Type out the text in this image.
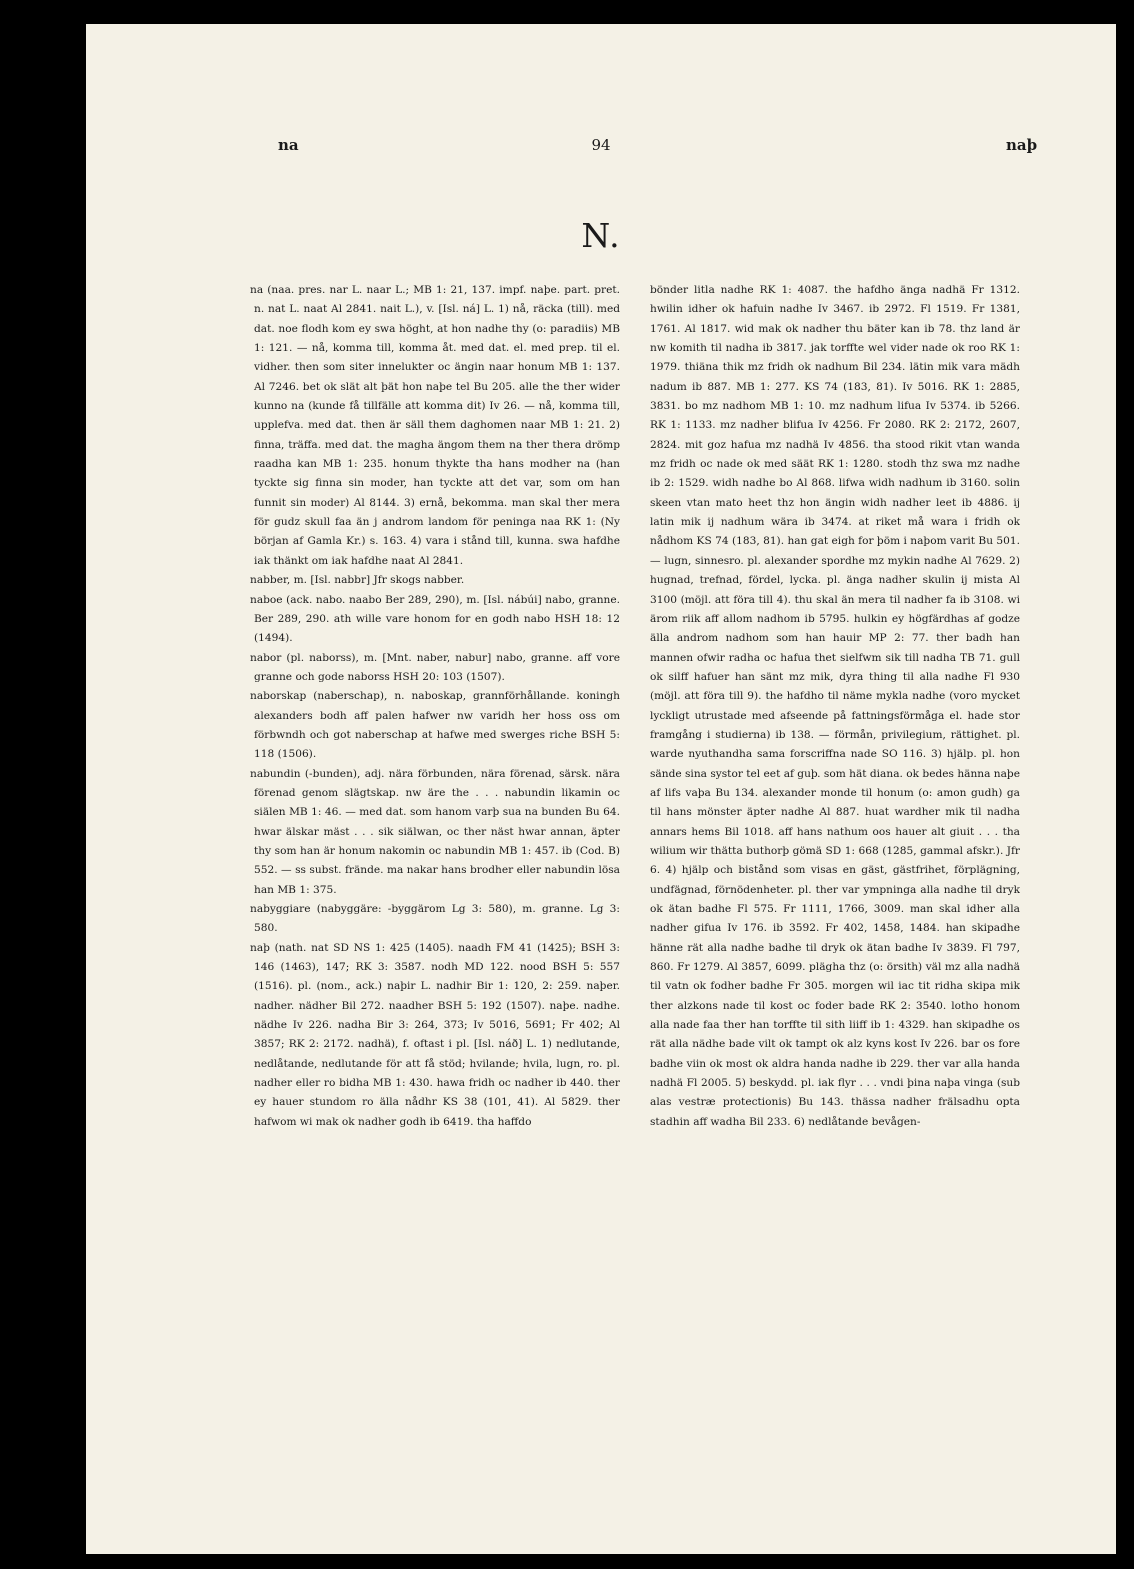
na	94	naþ
N.

na (naa. pres. nar L. naar L.; MB 1: 21, 137. impf. naþe. part. pret. n. nat L. naat Al 2841. nait L.), v. [Isl. ná] L. 1) nå, räcka (till). med dat. noe flodh kom ey swa höght, at hon nadhe thy (o: paradiis) MB 1: 121. — nå, komma till, komma åt. med dat. el. med prep. til el. vidher. then som siter innelukter oc ängin naar honum MB 1: 137. Al 7246. bet ok slät alt þät hon naþe tel Bu 205. alle the ther wider kunno na (kunde få tillfälle att komma dit) Iv 26. — nå, komma till, upplefva. med dat. then är säll them daghomen naar MB 1: 21. 2) finna, träffa. med dat. the magha ängom them na ther thera drömp raadha kan MB 1: 235. honum thykte tha hans modher na (han tyckte sig finna sin moder, han tyckte att det var, som om han funnit sin moder) Al 8144. 3) ernå, bekomma. man skal ther mera för gudz skull faa än j androm landom för peninga naa RK 1: (Ny början af Gamla Kr.) s. 163. 4) vara i stånd till, kunna. swa hafdhe iak thänkt om iak hafdhe naat Al 2841.

nabber, m. [Isl. nabbr] Jfr skogs nabber.

naboe (ack. nabo. naabo Ber 289, 290), m. [Isl. nábúi] nabo, granne. Ber 289, 290. ath wille vare honom for en godh nabo HSH 18: 12 (1494).

nabor (pl. naborss), m. [Mnt. naber, nabur] nabo, granne. aff vore granne och gode naborss HSH 20: 103 (1507).

naborskap (naberschap), n. naboskap, grannförhållande. koningh alexanders bodh aff palen hafwer nw varidh her hoss oss om förbwndh och got naberschap at hafwe med swerges riche BSH 5: 118 (1506).

nabundin (-bunden), adj. nära förbunden, nära förenad, särsk. nära förenad genom slägtskap. nw äre the . . . nabundin likamin oc siälen MB 1: 46. — med dat. som hanom varþ sua na bunden Bu 64. hwar älskar mäst . . . sik siälwan, oc ther näst hwar annan, äpter thy som han är honum nakomin oc nabundin MB 1: 457. ib (Cod. B) 552. — ss subst. frände. ma nakar hans brodher eller nabundin lösa han MB 1: 375.

nabyggiare (nabyggäre: -byggärom Lg 3: 580), m. granne. Lg 3: 580.

naþ (nath. nat SD NS 1: 425 (1405). naadh FM 41 (1425); BSH 3: 146 (1463), 147; RK 3: 3587. nodh MD 122. nood BSH 5: 557 (1516). pl. (nom., ack.) naþir L. nadhir Bir 1: 120, 2: 259. naþer. nadher. nädher Bil 272. naadher BSH 5: 192 (1507). naþe. nadhe. nädhe Iv 226. nadha Bir 3: 264, 373; Iv 5016, 5691; Fr 402; Al 3857; RK 2: 2172. nadhä), f. oftast i pl. [Isl. náð] L. 1) nedlutande, nedlåtande, nedlutande för att få stöd; hvilande; hvila, lugn, ro. pl. nadher eller ro bidha MB 1: 430. hawa fridh oc nadher ib 440. ther ey hauer stundom ro älla nådhr KS 38 (101, 41). Al 5829. ther hafwom wi mak ok nadher godh ib 6419. tha haffdo

bönder litla nadhe RK 1: 4087. the hafdho änga nadhä Fr 1312. hwilin idher ok hafuin nadhe Iv 3467. ib 2972. Fl 1519. Fr 1381, 1761. Al 1817. wid mak ok nadher thu bäter kan ib 78. thz land är nw komith til nadha ib 3817. jak torffte wel vider nade ok roo RK 1: 1979. thiäna thik mz fridh ok nadhum Bil 234. lätin mik vara mädh nadum ib 887. MB 1: 277. KS 74 (183, 81). Iv 5016. RK 1: 2885, 3831. bo mz nadhom MB 1: 10. mz nadhum lifua Iv 5374. ib 5266. RK 1: 1133. mz nadher blifua Iv 4256. Fr 2080. RK 2: 2172, 2607, 2824. mit goz hafua mz nadhä Iv 4856. tha stood rikit vtan wanda mz fridh oc nade ok med säät RK 1: 1280. stodh thz swa mz nadhe ib 2: 1529. widh nadhe bo Al 868. lifwa widh nadhum ib 3160. solin skeen vtan mato heet thz hon ängin widh nadher leet ib 4886. ij latin mik ij nadhum wära ib 3474. at riket må wara i fridh ok nådhom KS 74 (183, 81). han gat eigh for þöm i naþom varit Bu 501. — lugn, sinnesro. pl. alexander spordhe mz mykin nadhe Al 7629. 2) hugnad, trefnad, fördel, lycka. pl. änga nadher skulin ij mista Al 3100 (möjl. att föra till 4). thu skal än mera til nadher fa ib 3108. wi ärom riik aff allom nadhom ib 5795. hulkin ey högfärdhas af godze älla androm nadhom som han hauir MP 2: 77. ther badh han mannen ofwir radha oc hafua thet sielfwm sik till nadha TB 71. gull ok silff hafuer han sänt mz mik, dyra thing til alla nadhe Fl 930 (möjl. att föra till 9). the hafdho til näme mykla nadhe (voro mycket lyckligt utrustade med afseende på fattningsförmåga el. hade stor framgång i studierna) ib 138. — förmån, privilegium, rättighet. pl. warde nyuthandha sama forscriffna nade SO 116. 3) hjälp. pl. hon sände sina systor tel eet af guþ. som hät diana. ok bedes hänna naþe af lifs vaþa Bu 134. alexander monde til honum (o: amon gudh) ga til hans mönster äpter nadhe Al 887. huat wardher mik til nadha annars hems Bil 1018. aff hans nathum oos hauer alt giuit . . . tha wilium wir thätta buthorþ gömä SD 1: 668 (1285, gammal afskr.). Jfr 6. 4) hjälp och bistånd som visas en gäst, gästfrihet, förplägning, undfägnad, förnödenheter. pl. ther var ympninga alla nadhe til dryk ok ätan badhe Fl 575. Fr 1111, 1766, 3009. man skal idher alla nadher gifua Iv 176. ib 3592. Fr 402, 1458, 1484. han skipadhe hänne rät alla nadhe badhe til dryk ok ätan badhe Iv 3839. Fl 797, 860. Fr 1279. Al 3857, 6099. plägha thz (o: örsith) väl mz alla nadhä til vatn ok fodher badhe Fr 305. morgen wil iac tit ridha skipa mik ther alzkons nade til kost oc foder bade RK 2: 3540. lotho honom alla nade faa ther han torffte til sith liiff ib 1: 4329. han skipadhe os rät alla nädhe bade vilt ok tampt ok alz kyns kost Iv 226. bar os fore badhe viin ok most ok aldra handa nadhe ib 229. ther var alla handa nadhä Fl 2005. 5) beskydd. pl. iak flyr . . . vndi þina naþa vinga (sub alas vestræ protectionis) Bu 143. thässa nadher frälsadhu opta stadhin aff wadha Bil 233. 6) nedlåtande bevågen-
